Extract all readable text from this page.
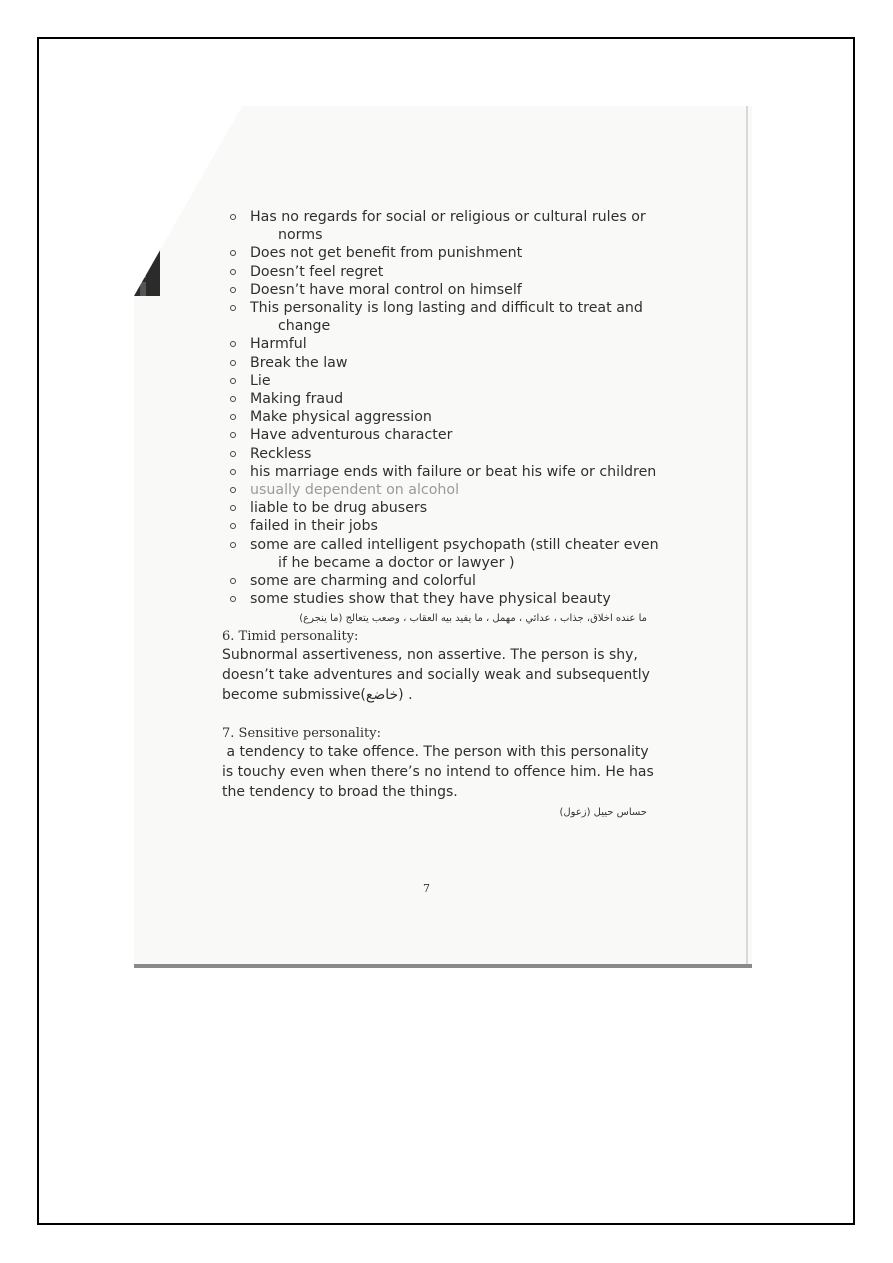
Has no regards for social or religious or cultural rules or
norms
Does not get benefit from punishment
Doesn’t feel regret
Doesn’t have moral control on himself
This personality is long lasting and difficult to treat and
change
Harmful
Break the law
Lie
Making fraud
Make physical aggression
Have adventurous character
Reckless
his marriage ends with failure or beat his wife or children
usually dependent on alcohol
liable to be drug abusers
failed in their jobs
some are called intelligent psychopath (still cheater even
if he became a doctor or lawyer )
some are charming and colorful
some studies show that they have physical beauty
ما عنده اخلاق، جذاب ، عدائي ، مهمل ، ما يفيد بيه العقاب ، وصعب يتعالج (ما ينجرع)
6. Timid personality:
Subnormal assertiveness, non assertive. The person is shy,
doesn’t take adventures and socially weak and subsequently
become submissive(خاضع) .
7. Sensitive personality:
a tendency to take offence. The person with this personality
is touchy even when there’s no intend to offence him. He has
the tendency to broad the things.
حساس حييل (زعول)
7
